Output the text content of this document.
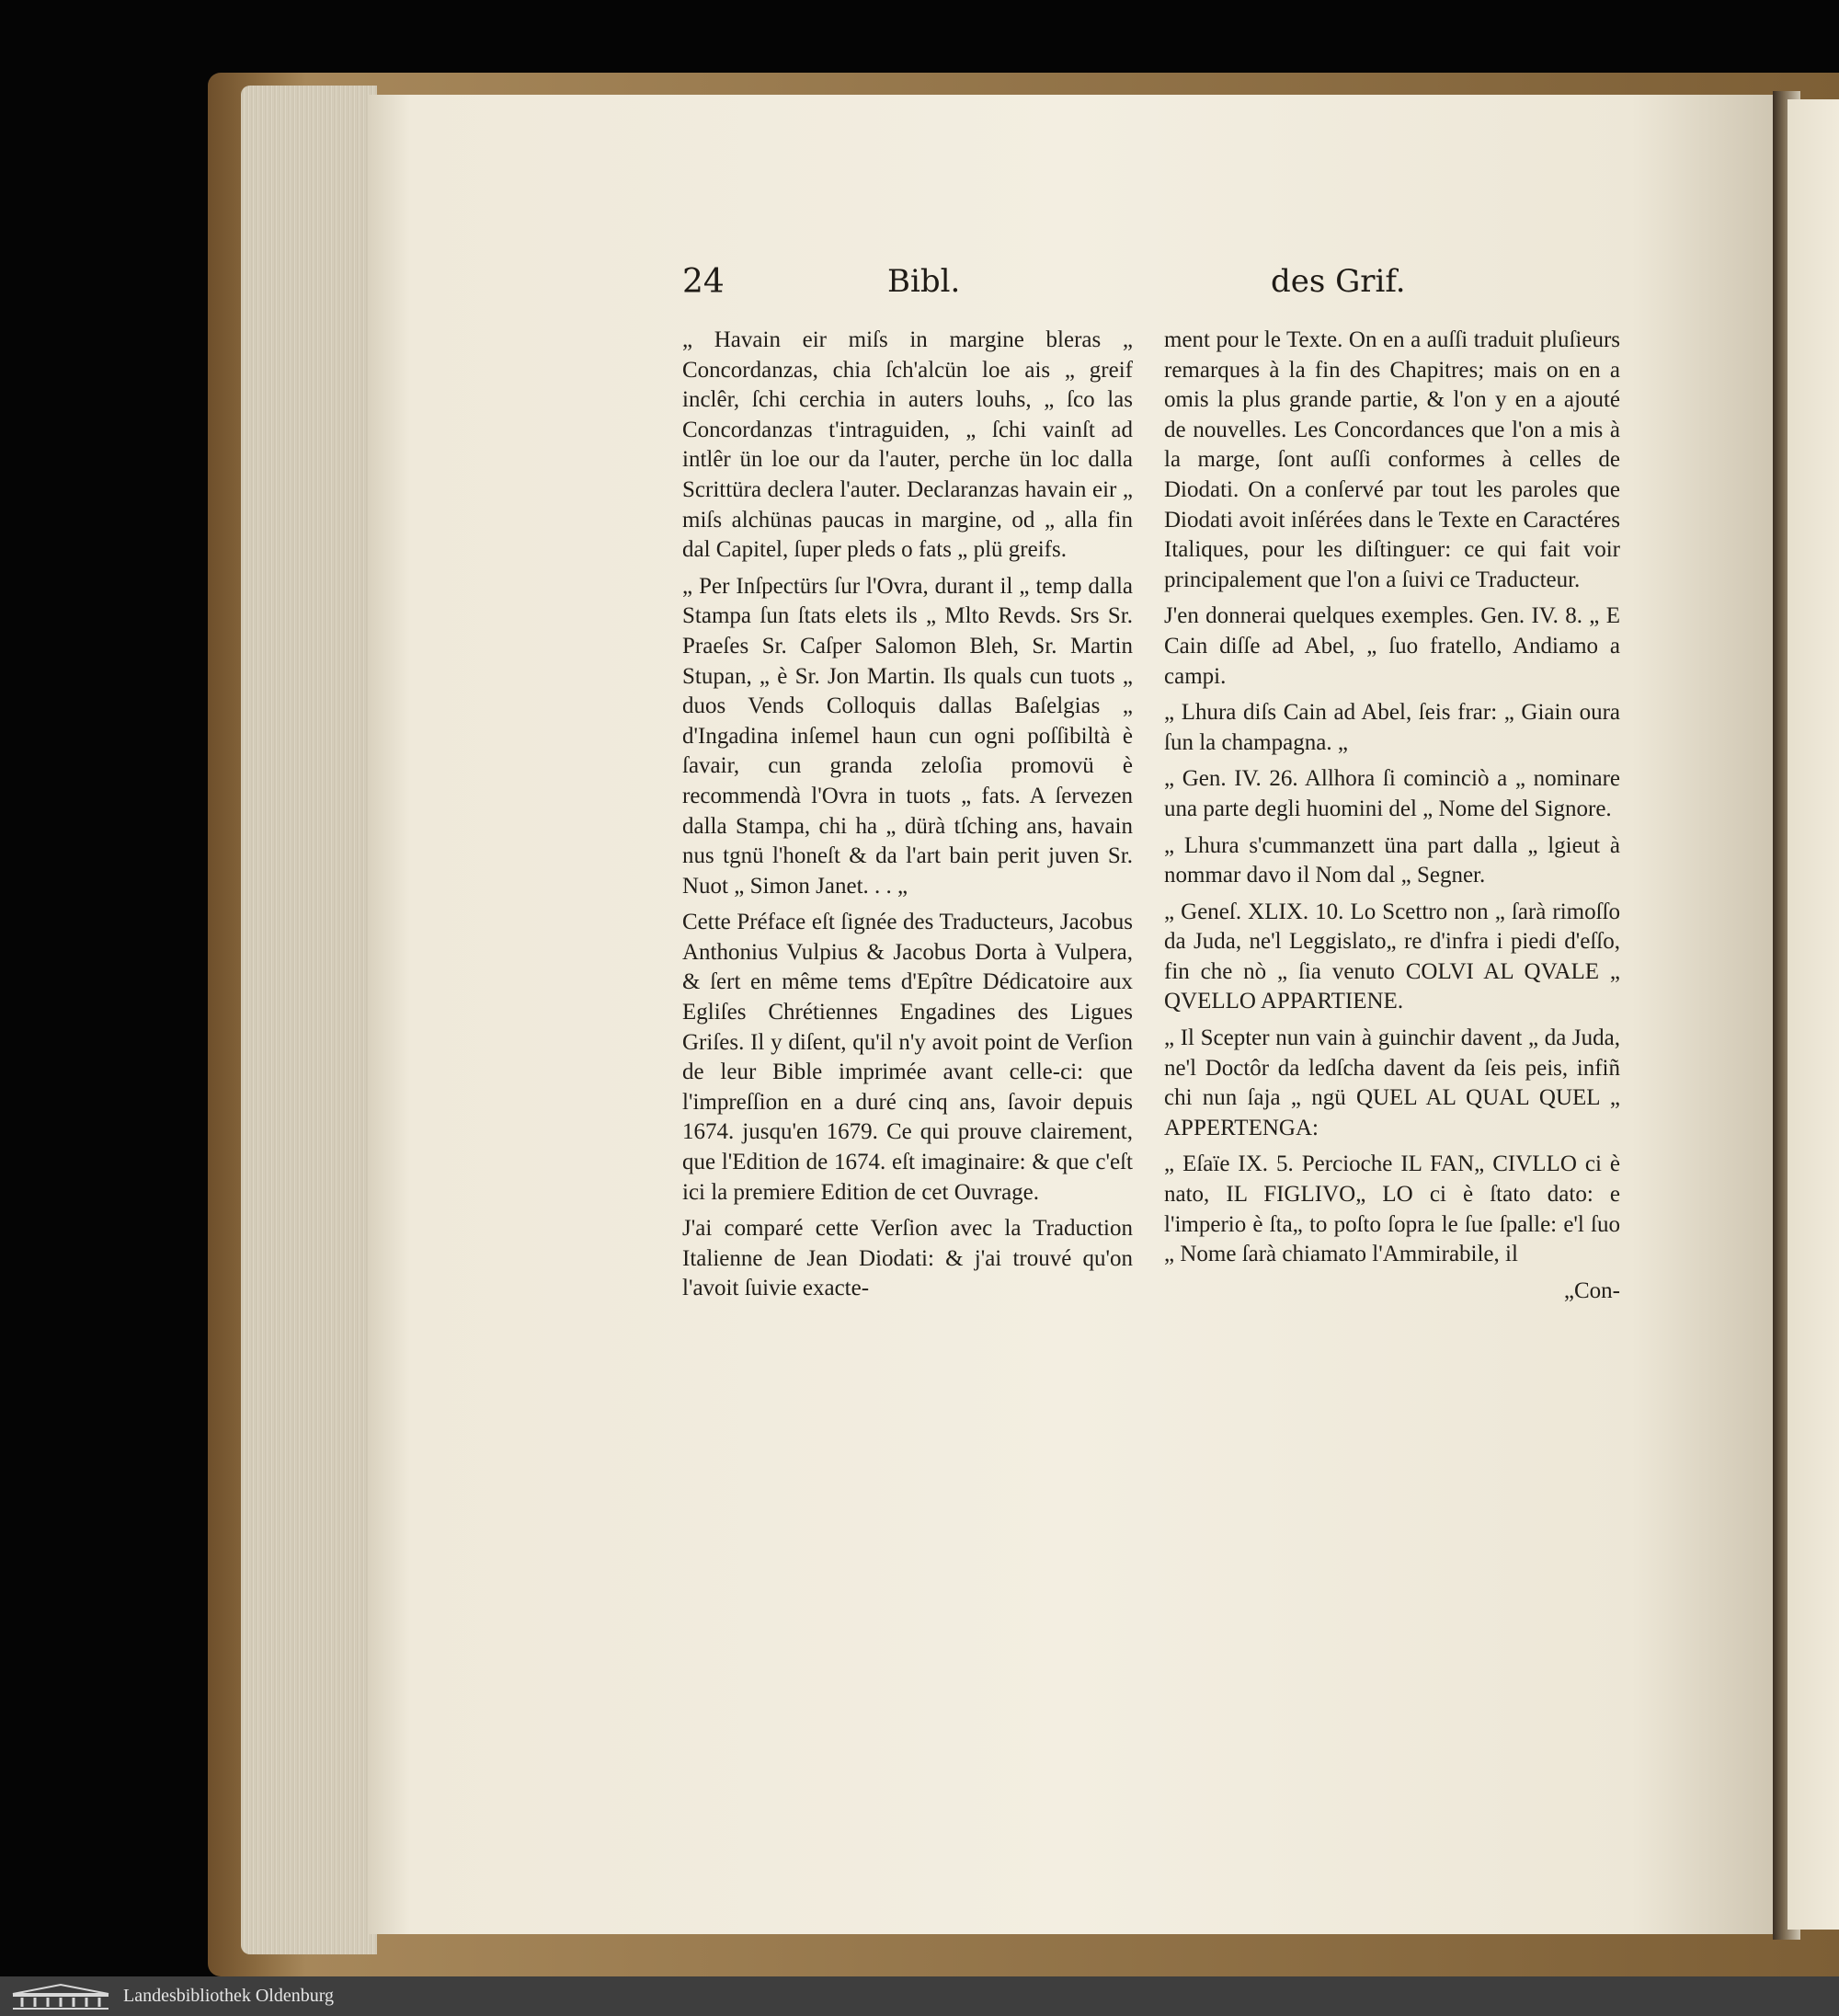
24	Bibl.	des Grif.

„ Havain eir miſs in margine bleras „ Concordanzas, chia ſch'alcün loe ais „ greif inclêr, ſchi cerchia in auters louhs, „ ſco las Concordanzas t'intraguiden, „ ſchi vainſt ad intlêr ün loe our da l'auter, perche ün loc dalla Scrittüra declera l'auter. Declaranzas havain eir „ miſs alchünas paucas in margine, od „ alla fin dal Capitel, ſuper pleds o fats „ plü greifs.

„ Per Inſpectürs ſur l'Ovra, durant il „ temp dalla Stampa ſun ſtats elets ils „ Mlto Revds. Srs Sr. Praeſes Sr. Caſper Salomon Bleh, Sr. Martin Stupan, „ è Sr. Jon Martin. Ils quals cun tuots „ duos Vends Colloquis dallas Baſelgias „ d'Ingadina inſemel haun cun ogni poſſibiltà è ſavair, cun granda zeloſia promovü è recommendà l'Ovra in tuots „ fats. A ſervezen dalla Stampa, chi ha „ dürà tſching ans, havain nus tgnü l'honeſt & da l'art bain perit juven Sr. Nuot „ Simon Janet. . . „

Cette Préface eſt ſignée des Traducteurs, Jacobus Anthonius Vulpius & Jacobus Dorta à Vulpera, & ſert en même tems d'Epître Dédicatoire aux Egliſes Chrétiennes Engadines des Ligues Griſes. Il y diſent, qu'il n'y avoit point de Verſion de leur Bible imprimée avant celle-ci: que l'impreſſion en a duré cinq ans, ſavoir depuis 1674. jusqu'en 1679. Ce qui prouve clairement, que l'Edition de 1674. eſt imaginaire: & que c'eſt ici la premiere Edition de cet Ouvrage.

J'ai comparé cette Verſion avec la Traduction Italienne de Jean Diodati: & j'ai trouvé qu'on l'avoit ſuivie exacte-

ment pour le Texte. On en a auſſi traduit pluſieurs remarques à la fin des Chapitres; mais on en a omis la plus grande partie, & l'on y en a ajouté de nouvelles. Les Concordances que l'on a mis à la marge, ſont auſſi conformes à celles de Diodati. On a conſervé par tout les paroles que Diodati avoit inſérées dans le Texte en Caractéres Italiques, pour les diſtinguer: ce qui fait voir principalement que l'on a ſuivi ce Traducteur.

J'en donnerai quelques exemples. Gen. IV. 8. „ E Cain diſſe ad Abel, „ ſuo fratello, Andiamo a campi.

„ Lhura diſs Cain ad Abel, ſeis frar: „ Giain oura ſun la champagna. „

„ Gen. IV. 26. Allhora ſi cominciò a „ nominare una parte degli huomini del „ Nome del Signore.

„ Lhura s'cummanzett üna part dalla „ lgieut à nommar davo il Nom dal „ Segner.

„ Geneſ. XLIX. 10. Lo Scettro non „ ſarà rimoſſo da Juda, ne'l Leggislato„ re d'infra i piedi d'eſſo, fin che nò „ ſia venuto COLVI AL QVALE „ QVELLO APPARTIENE.

„ Il Scepter nun vain à guinchir davent „ da Juda, ne'l Doctôr da ledſcha davent da ſeis peis, infiñ chi nun ſaja „ ngü QUEL AL QUAL QUEL „ APPERTENGA:

„ Eſaïe IX. 5. Percioche IL FAN„ CIVLLO ci è nato, IL FIGLIVO„ LO ci è ſtato dato: e l'imperio è ſta„ to poſto ſopra le ſue ſpalle: e'l ſuo „ Nome ſarà chiamato l'Ammirabile, il

„Con-

Landesbibliothek Oldenburg
